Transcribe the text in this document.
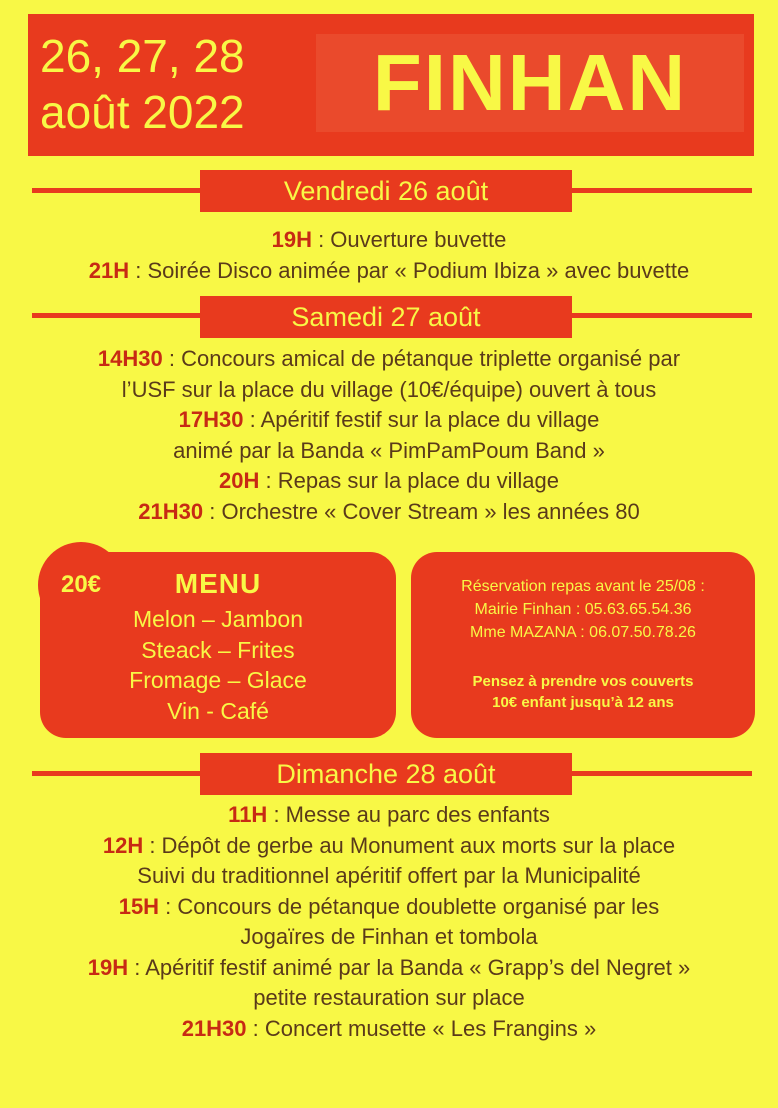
26, 27, 28
août 2022	FINHAN
Vendredi 26 août
19H : Ouverture buvette
21H : Soirée Disco animée par « Podium Ibiza » avec buvette
Samedi 27 août
14H30 : Concours amical de pétanque triplette organisé par
l’USF sur la place du village (10€/équipe) ouvert à tous
17H30 : Apéritif festif sur la place du village
animé par la Banda « PimPamPoum Band »
20H : Repas sur la place du village
21H30 : Orchestre « Cover Stream » les années 80
20€	MENU
Melon – Jambon
Steack – Frites
Fromage – Glace
Vin - Café
Réservation repas avant le 25/08 :
Mairie Finhan : 05.63.65.54.36
Mme MAZANA : 06.07.50.78.26
Pensez à prendre vos couverts
10€ enfant jusqu’à 12 ans
Dimanche 28 août
11H : Messe au parc des enfants
12H : Dépôt de gerbe au Monument aux morts sur la place
Suivi du traditionnel apéritif offert par la Municipalité
15H : Concours de pétanque doublette organisé par les
Jogaïres de Finhan et tombola
19H : Apéritif festif animé par la Banda « Grapp’s del Negret »
petite restauration sur place
21H30 : Concert musette « Les Frangins »
